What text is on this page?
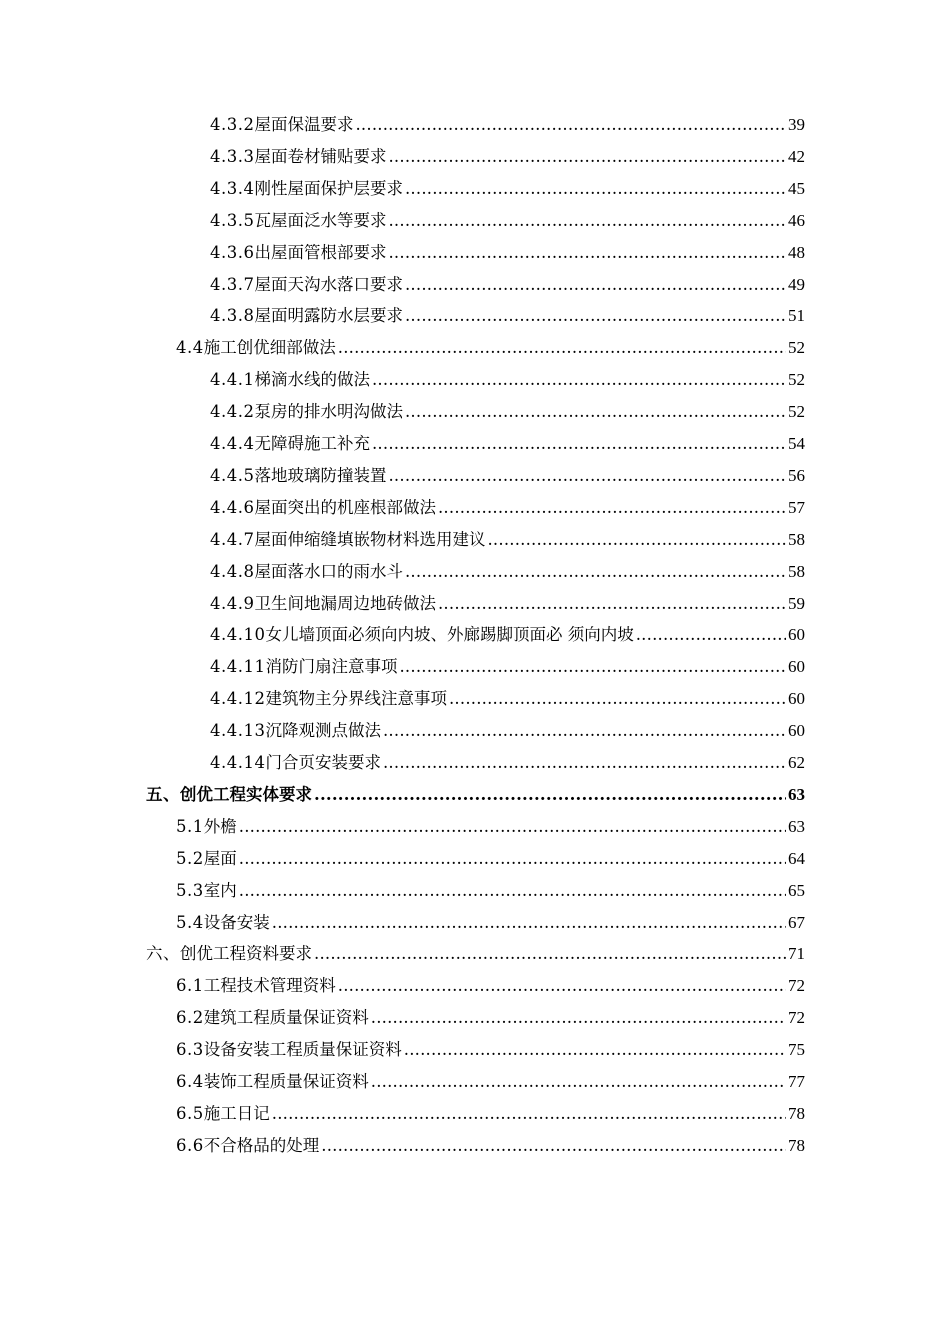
4.3.2 屋面保温要求 .....	39
4.3.3 屋面卷材铺贴要求 .....	42
4.3.4 刚性屋面保护层要求 .....	45
4.3.5 瓦屋面泛水等要求 .....	46
4.3.6 出屋面管根部要求 .....	48
4.3.7 屋面天沟水落口要求 .....	49
4.3.8 屋面明露防水层要求 .....	51
4.4 施工创优细部做法 .....	52
4.4.1 梯滴水线的做法 .....	52
4.4.2 泵房的排水明沟做法 .....	52
4.4.4 无障碍施工补充 .....	54
4.4.5 落地玻璃防撞装置 .....	56
4.4.6 屋面突出的机座根部做法 .....	57
4.4.7 屋面伸缩缝填嵌物材料选用建议 .....	58
4.4.8 屋面落水口的雨水斗 .....	58
4.4.9 卫生间地漏周边地砖做法 .....	59
4.4.10 女儿墙顶面必须向内坡、外廊踢脚顶面必 须向内坡 .....	60
4.4.11 消防门扇注意事项 .....	60
4.4.12 建筑物主分界线注意事项 .....	60
4.4.13 沉降观测点做法 .....	60
4.4.14 门合页安装要求 .....	62
五、 创优工程实体要求 .....	63
5.1 外檐 .....	63
5.2 屋面 .....	64
5.3 室内 .....	65
5.4 设备安装 .....	67
六、 创优工程资料要求 .....	71
6.1 工程技术管理资料 .....	72
6.2 建筑工程质量保证资料 .....	72
6.3 设备安装工程质量保证资料 .....	75
6.4 装饰工程质量保证资料 .....	77
6.5 施工日记 .....	78
6.6 不合格品的处理 .....	78
